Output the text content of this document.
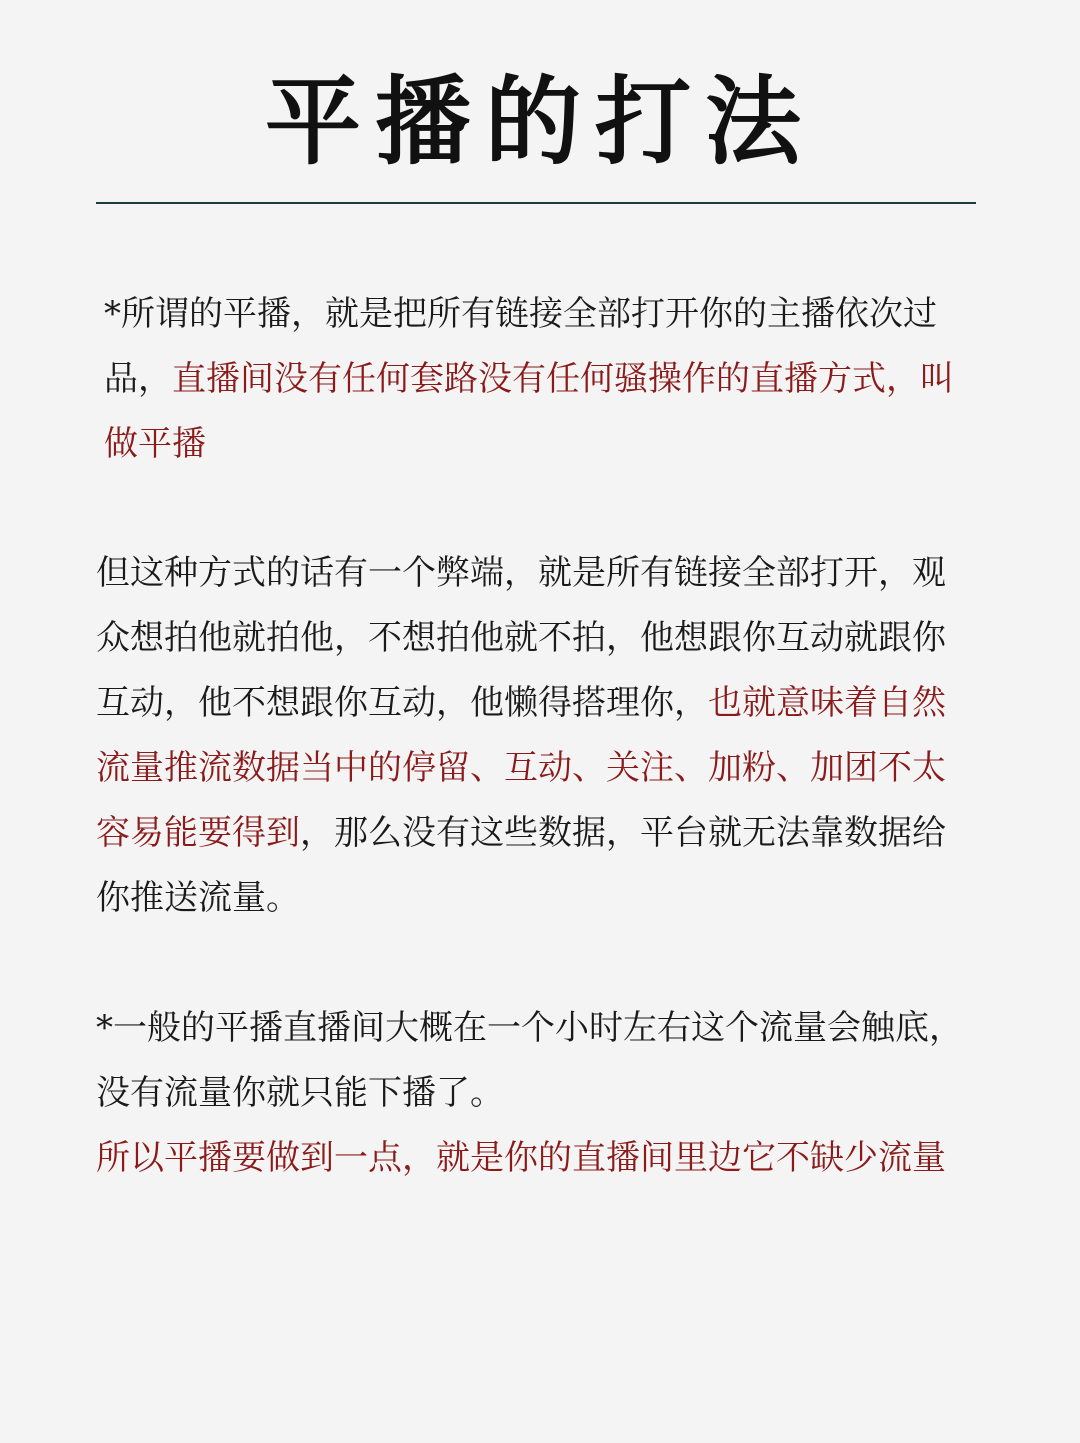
平播的打法

*所谓的平播，就是把所有链接全部打开你的主播依次过品，直播间没有任何套路没有任何骚操作的直播方式，叫做平播

但这种方式的话有一个弊端，就是所有链接全部打开，观众想拍他就拍他，不想拍他就不拍，他想跟你互动就跟你互动，他不想跟你互动，他懒得搭理你，也就意味着自然流量推流数据当中的停留、互动、关注、加粉、加团不太容易能要得到，那么没有这些数据，平台就无法靠数据给你推送流量。

*一般的平播直播间大概在一个小时左右这个流量会触底，没有流量你就只能下播了。

所以平播要做到一点，就是你的直播间里边它不缺少流量
